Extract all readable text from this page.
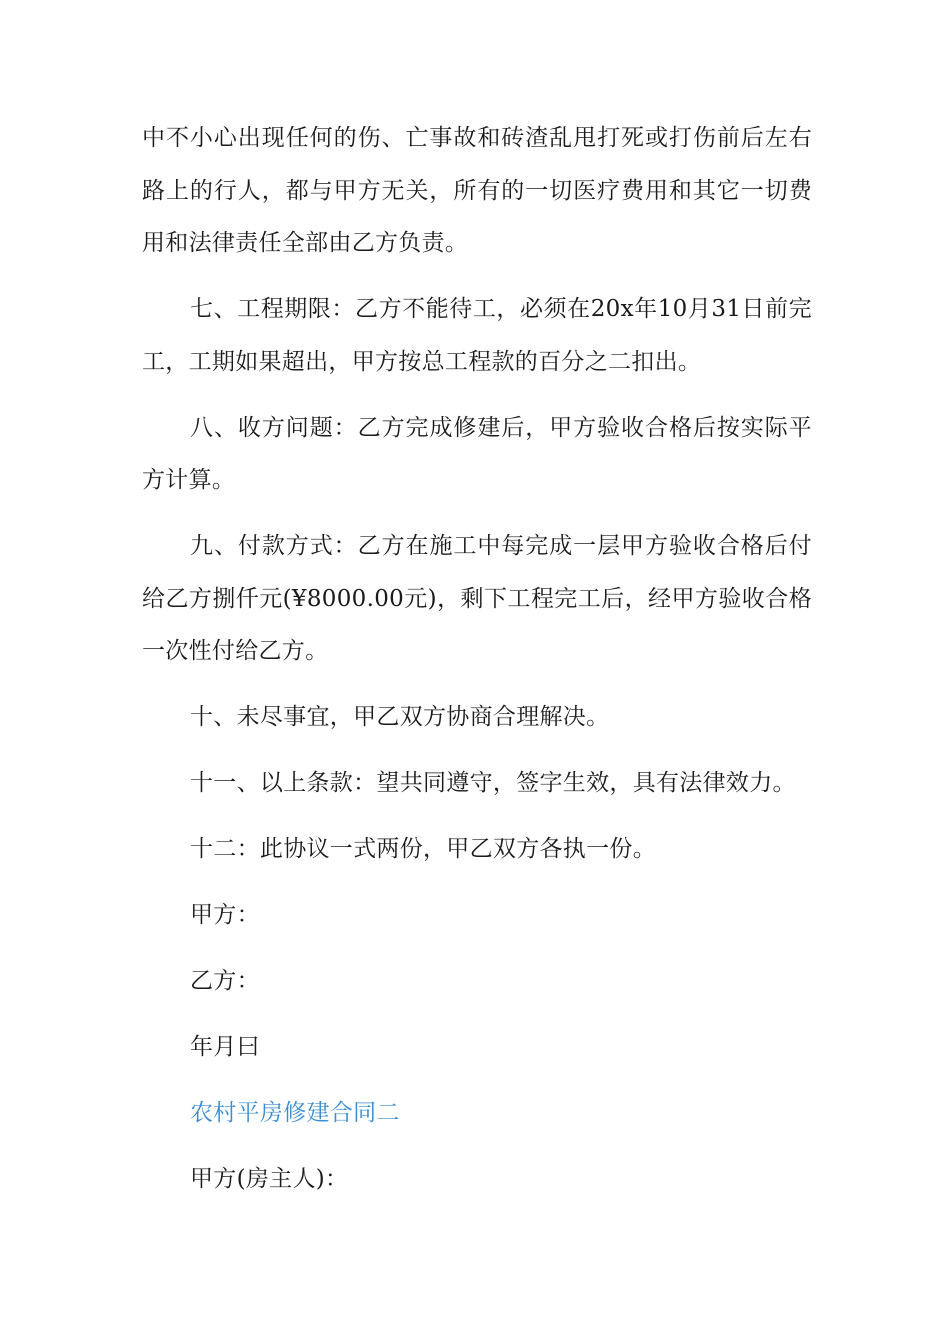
中不小心出现任何的伤、亡事故和砖渣乱甩打死或打伤前后左右路上的行人，都与甲方无关，所有的一切医疗费用和其它一切费用和法律责任全部由乙方负责。

七、工程期限：乙方不能待工，必须在20x年10月31日前完工，工期如果超出，甲方按总工程款的百分之二扣出。

八、收方问题：乙方完成修建后，甲方验收合格后按实际平方计算。

九、付款方式：乙方在施工中每完成一层甲方验收合格后付给乙方捌仟元(¥8000.00元)，剩下工程完工后，经甲方验收合格一次性付给乙方。

十、未尽事宜，甲乙双方协商合理解决。

十一、以上条款：望共同遵守，签字生效，具有法律效力。

十二：此协议一式两份，甲乙双方各执一份。

甲方：

乙方：

年月曰

农村平房修建合同二

甲方(房主人)：
